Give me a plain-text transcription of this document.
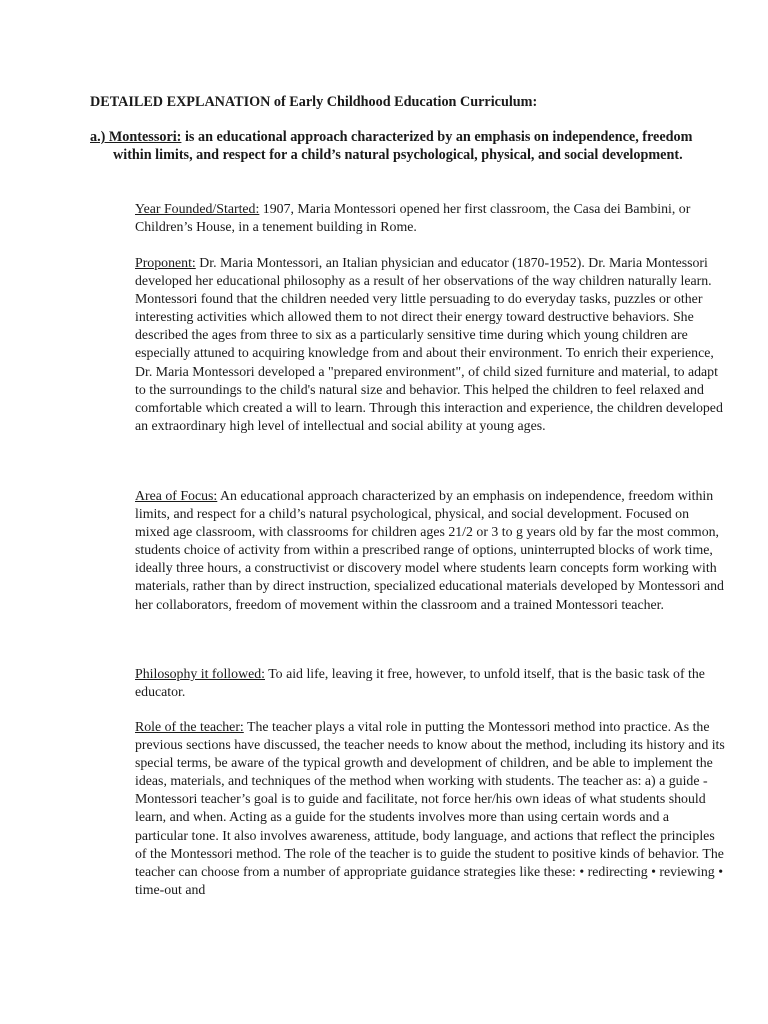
DETAILED EXPLANATION of Early Childhood Education Curriculum:
a.) Montessori: is an educational approach characterized by an emphasis on independence, freedom within limits, and respect for a child’s natural psychological, physical, and social development.
Year Founded/Started: 1907, Maria Montessori opened her first classroom, the Casa dei Bambini, or Children’s House, in a tenement building in Rome.
Proponent: Dr. Maria Montessori, an Italian physician and educator (1870-1952). Dr. Maria Montessori developed her educational philosophy as a result of her observations of the way children naturally learn. Montessori found that the children needed very little persuading to do everyday tasks, puzzles or other interesting activities which allowed them to not direct their energy toward destructive behaviors. She described the ages from three to six as a particularly sensitive time during which young children are especially attuned to acquiring knowledge from and about their environment. To enrich their experience, Dr. Maria Montessori developed a "prepared environment", of child sized furniture and material, to adapt to the surroundings to the child's natural size and behavior. This helped the children to feel relaxed and comfortable which created a will to learn. Through this interaction and experience, the children developed an extraordinary high level of intellectual and social ability at young ages.
Area of Focus: An educational approach characterized by an emphasis on independence, freedom within limits, and respect for a child’s natural psychological, physical, and social development. Focused on mixed age classroom, with classrooms for children ages 21/2 or 3 to g years old by far the most common, students choice of activity from within a prescribed range of options, uninterrupted blocks of work time, ideally three hours, a constructivist or discovery model where students learn concepts form working with materials, rather than by direct instruction, specialized educational materials developed by Montessori and her collaborators, freedom of movement within the classroom and a trained Montessori teacher.
Philosophy it followed: To aid life, leaving it free, however, to unfold itself, that is the basic task of the educator.
Role of the teacher: The teacher plays a vital role in putting the Montessori method into practice. As the previous sections have discussed, the teacher needs to know about the method, including its history and its special terms, be aware of the typical growth and development of children, and be able to implement the ideas, materials, and techniques of the method when working with students. The teacher as: a) a guide - Montessori teacher’s goal is to guide and facilitate, not force her/his own ideas of what students should learn, and when. Acting as a guide for the students involves more than using certain words and a particular tone. It also involves awareness, attitude, body language, and actions that reflect the principles of the Montessori method. The role of the teacher is to guide the student to positive kinds of behavior. The teacher can choose from a number of appropriate guidance strategies like these: • redirecting • reviewing • time-out and
